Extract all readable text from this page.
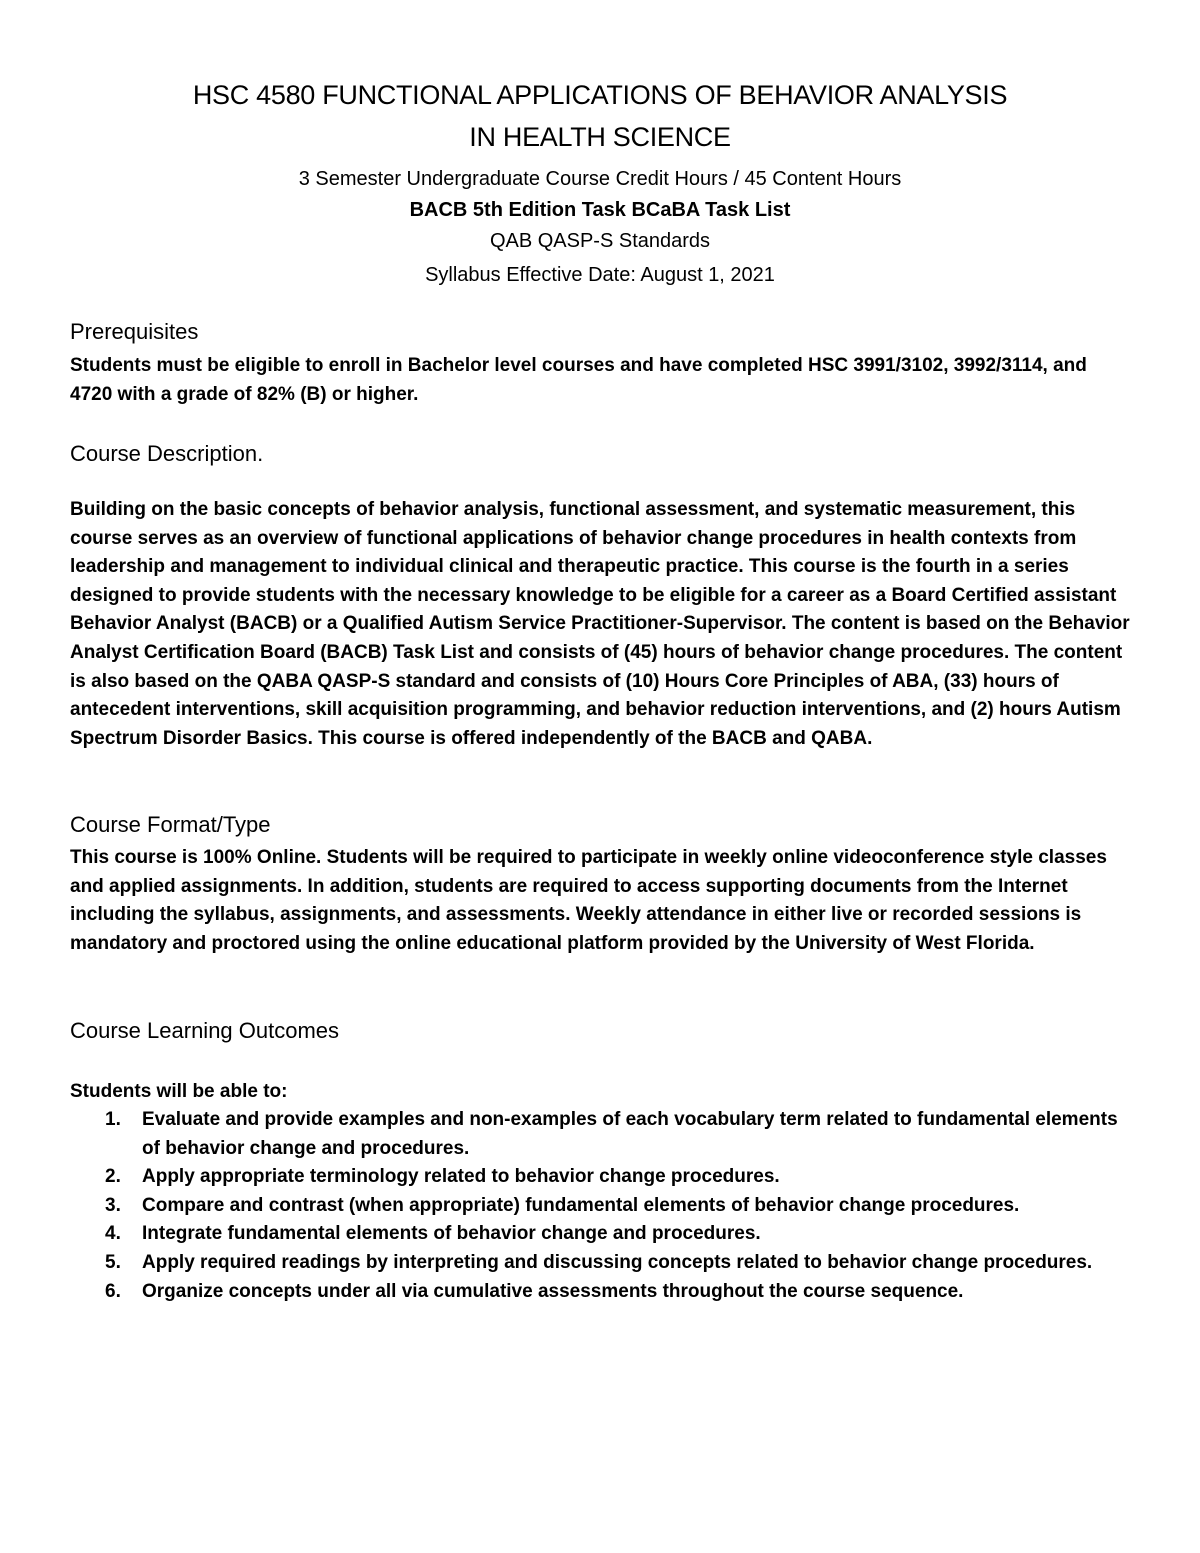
HSC 4580 FUNCTIONAL APPLICATIONS OF BEHAVIOR ANALYSIS
IN HEALTH SCIENCE
3 Semester Undergraduate Course Credit Hours / 45 Content Hours
BACB 5th Edition Task BCaBA Task List
QAB QASP-S Standards
Syllabus Effective Date: August 1, 2021
Prerequisites
Students must be eligible to enroll in Bachelor level courses and have completed HSC 3991/3102, 3992/3114, and 4720 with a grade of 82% (B) or higher.
Course Description.
Building on the basic concepts of behavior analysis, functional assessment, and systematic measurement, this course serves as an overview of functional applications of behavior change procedures in health contexts from leadership and management to individual clinical and therapeutic practice. This course is the fourth in a series designed to provide students with the necessary knowledge to be eligible for a career as a Board Certified assistant Behavior Analyst (BACB) or a Qualified Autism Service Practitioner-Supervisor. The content is based on the Behavior Analyst Certification Board (BACB) Task List and consists of (45) hours of behavior change procedures. The content is also based on the QABA QASP-S standard and consists of (10) Hours Core Principles of ABA, (33) hours of antecedent interventions, skill acquisition programming, and behavior reduction interventions, and (2) hours Autism Spectrum Disorder Basics. This course is offered independently of the BACB and QABA.
Course Format/Type
This course is 100% Online. Students will be required to participate in weekly online videoconference style classes and applied assignments. In addition, students are required to access supporting documents from the Internet including the syllabus, assignments, and assessments. Weekly attendance in either live or recorded sessions is mandatory and proctored using the online educational platform provided by the University of West Florida.
Course Learning Outcomes
Students will be able to:
1. Evaluate and provide examples and non-examples of each vocabulary term related to fundamental elements of behavior change and procedures.
2. Apply appropriate terminology related to behavior change procedures.
3. Compare and contrast (when appropriate) fundamental elements of behavior change procedures.
4. Integrate fundamental elements of behavior change and procedures.
5. Apply required readings by interpreting and discussing concepts related to behavior change procedures.
6. Organize concepts under all via cumulative assessments throughout the course sequence.
